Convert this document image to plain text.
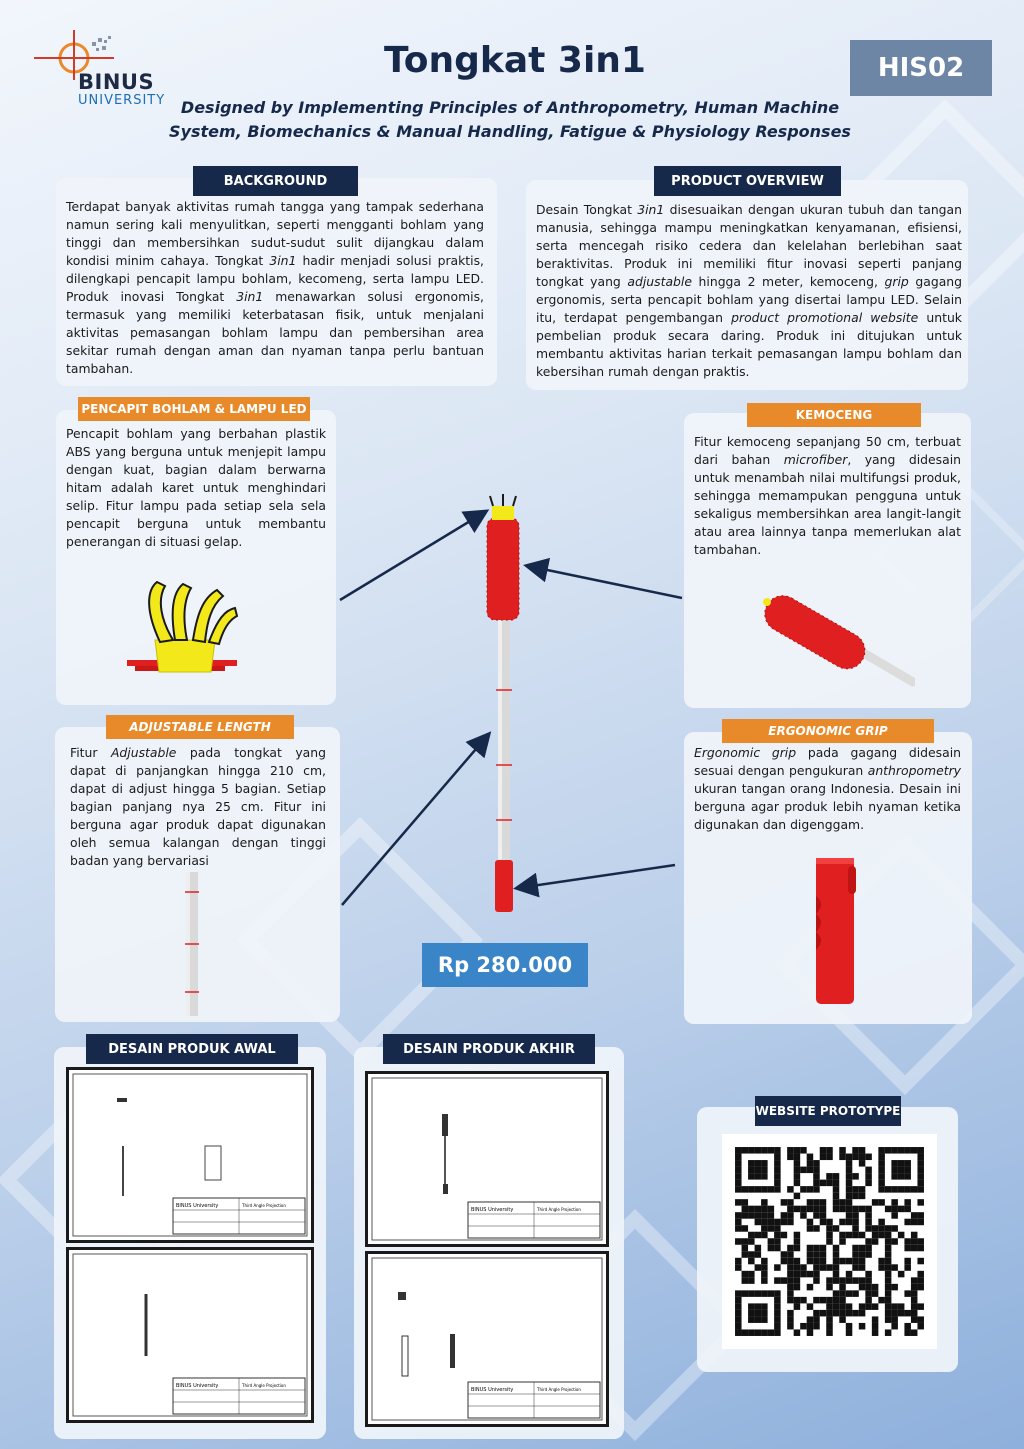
BINUS
UNIVERSITY
Tongkat 3in1
Designed by Implementing Principles of Anthropometry, Human Machine
System, Biomechanics & Manual Handling, Fatigue & Physiology Responses
HIS02
BACKGROUND
Terdapat banyak aktivitas rumah tangga yang tampak sederhana namun sering kali menyulitkan, seperti mengganti bohlam yang tinggi dan membersihkan sudut-sudut sulit dijangkau dalam kondisi minim cahaya. Tongkat 3in1 hadir menjadi solusi praktis, dilengkapi pencapit lampu bohlam, kecomeng, serta lampu LED. Produk inovasi Tongkat 3in1 menawarkan solusi ergonomis, termasuk yang memiliki keterbatasan fisik, untuk menjalani aktivitas pemasangan bohlam lampu dan pembersihan area sekitar rumah dengan aman dan nyaman tanpa perlu bantuan tambahan.
PRODUCT OVERVIEW
Desain Tongkat 3in1 disesuaikan dengan ukuran tubuh dan tangan manusia, sehingga mampu meningkatkan kenyamanan, efisiensi, serta mencegah risiko cedera dan kelelahan berlebihan saat beraktivitas. Produk ini memiliki fitur inovasi seperti panjang tongkat yang adjustable hingga 2 meter, kemoceng, grip gagang ergonomis, serta pencapit bohlam yang disertai lampu LED. Selain itu, terdapat pengembangan product promotional website untuk pembelian produk secara daring. Produk ini ditujukan untuk membantu aktivitas harian terkait pemasangan lampu bohlam dan kebersihan rumah dengan praktis.
PENCAPIT BOHLAM & LAMPU LED
Pencapit bohlam yang berbahan plastik ABS yang berguna untuk menjepit lampu dengan kuat, bagian dalam berwarna hitam adalah karet untuk menghindari selip. Fitur lampu pada setiap sela sela pencapit berguna untuk membantu penerangan di situasi gelap.
KEMOCENG
Fitur kemoceng sepanjang 50 cm, terbuat dari bahan microfiber, yang didesain untuk menambah nilai multifungsi produk, sehingga memampukan pengguna untuk sekaligus membersihkan area langit-langit atau area lainnya tanpa memerlukan alat tambahan.
ADJUSTABLE LENGTH
Fitur Adjustable pada tongkat yang dapat di panjangkan hingga 210 cm, dapat di adjust hingga 5 bagian. Setiap bagian panjang nya 25 cm. Fitur ini berguna agar produk dapat digunakan oleh semua kalangan dengan tinggi badan yang bervariasi
ERGONOMIC GRIP
Ergonomic grip pada gagang didesain sesuai dengan pengukuran anthropometry ukuran tangan orang Indonesia. Desain ini berguna agar produk lebih nyaman ketika digunakan dan digenggam.
Rp 280.000
DESAIN PRODUK AWAL
BINUS University	Third Angle Projection
BINUS University	Third Angle Projection
DESAIN PRODUK AKHIR
BINUS University	Third Angle Projection
BINUS University	Third Angle Projection
WEBSITE PROTOTYPE
